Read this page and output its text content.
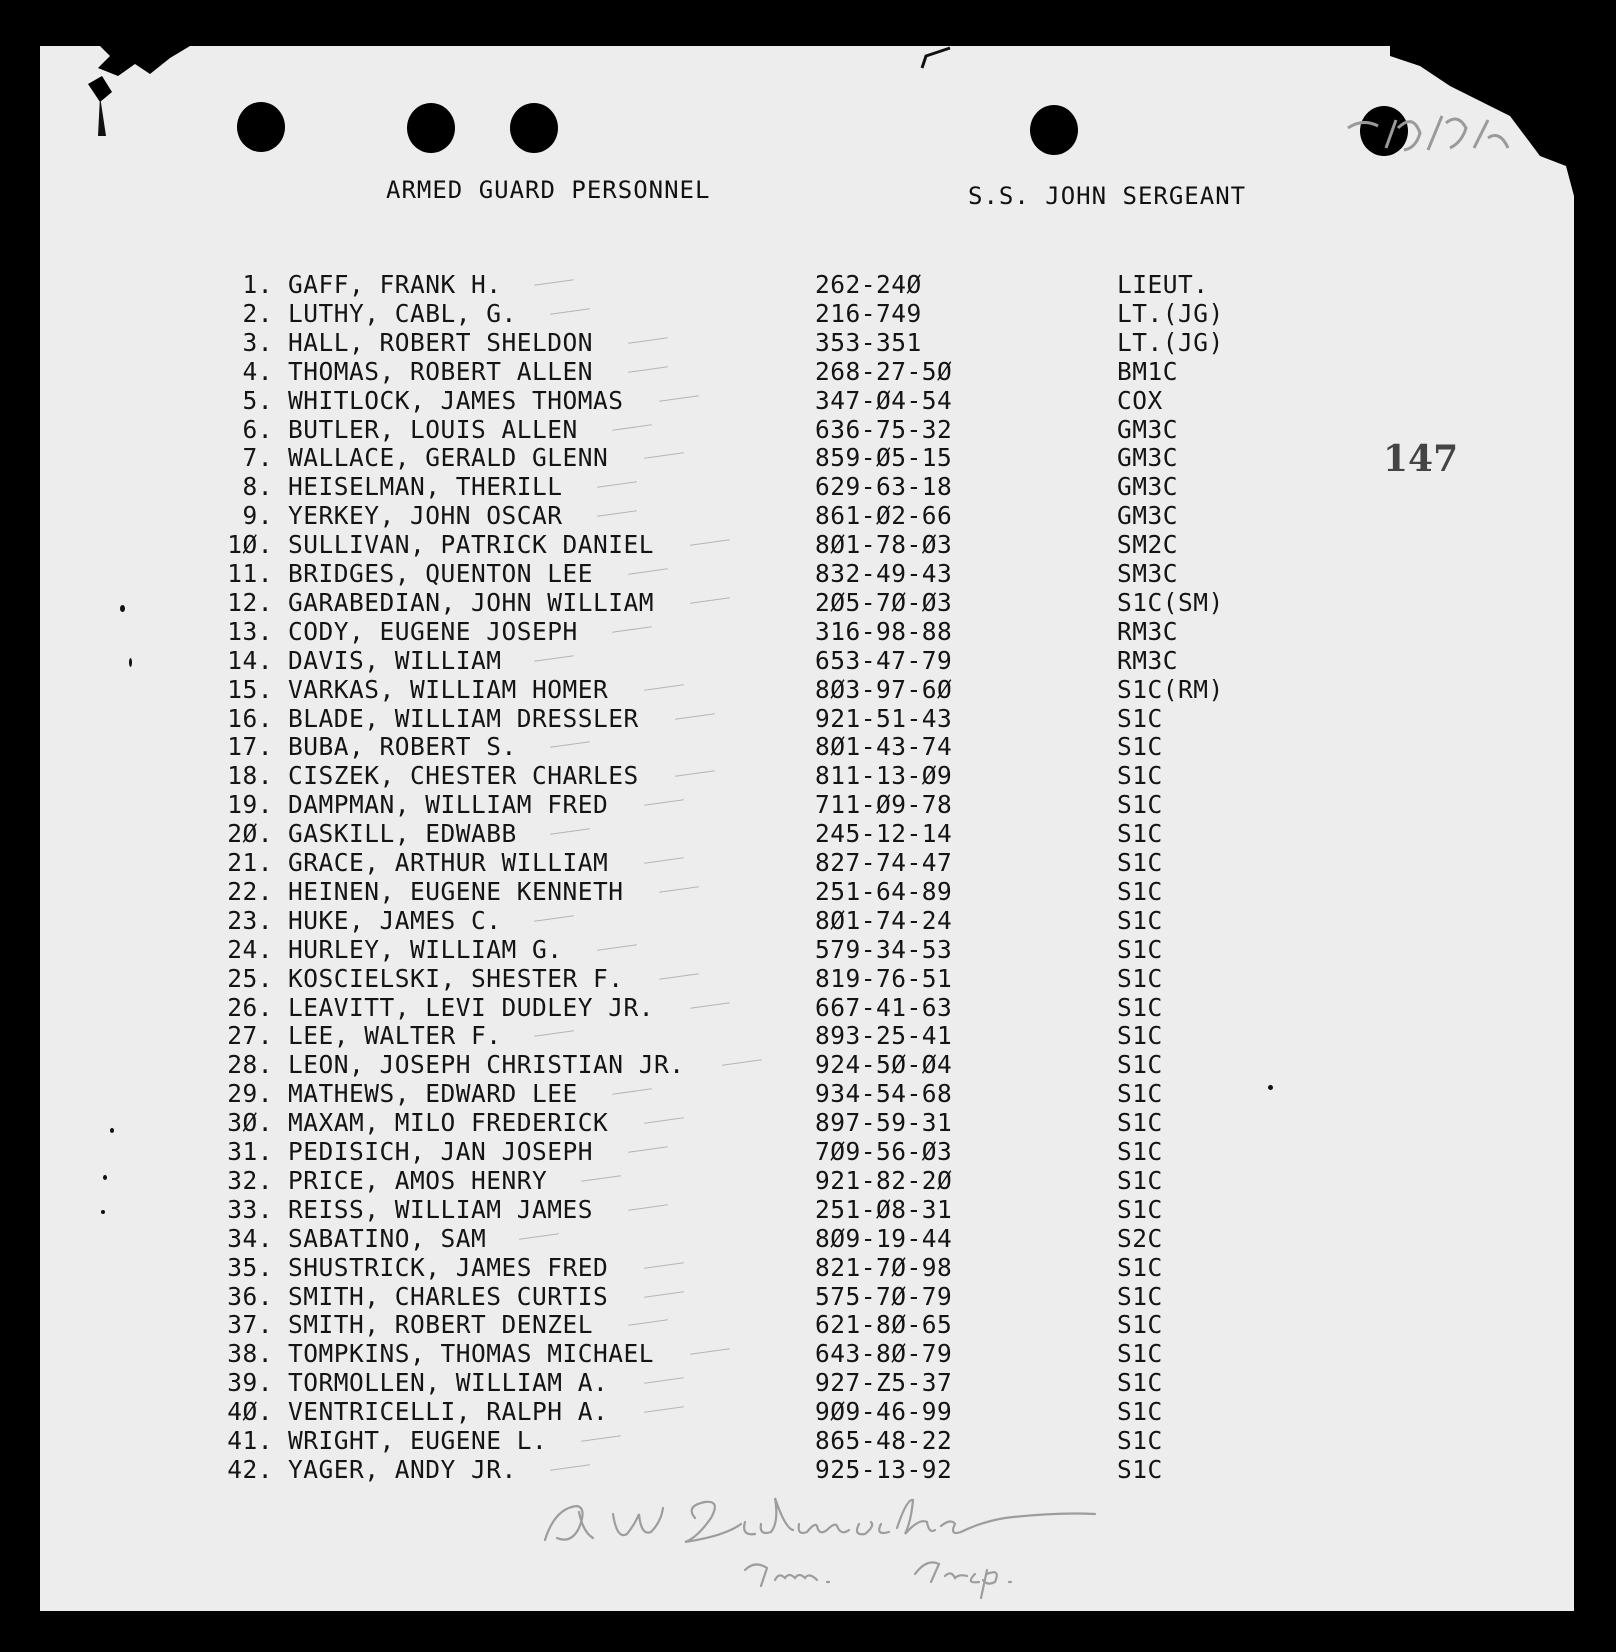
ARMED GUARD PERSONNEL	S.S. JOHN SERGEANT
147
1. GAFF, FRANK H.	262-24Ø	LIEUT.
2. LUTHY, CABL, G.	216-749	LT.(JG)
3. HALL, ROBERT SHELDON	353-351	LT.(JG)
4. THOMAS, ROBERT ALLEN	268-27-5Ø	BM1C
5. WHITLOCK, JAMES THOMAS	347-Ø4-54	COX
6. BUTLER, LOUIS ALLEN	636-75-32	GM3C
7. WALLACE, GERALD GLENN	859-Ø5-15	GM3C
8. HEISELMAN, THERILL	629-63-18	GM3C
9. YERKEY, JOHN OSCAR	861-Ø2-66	GM3C
1Ø. SULLIVAN, PATRICK DANIEL	8Ø1-78-Ø3	SM2C
11. BRIDGES, QUENTON LEE	832-49-43	SM3C
12. GARABEDIAN, JOHN WILLIAM	2Ø5-7Ø-Ø3	S1C(SM)
13. CODY, EUGENE JOSEPH	316-98-88	RM3C
14. DAVIS, WILLIAM	653-47-79	RM3C
15. VARKAS, WILLIAM HOMER	8Ø3-97-6Ø	S1C(RM)
16. BLADE, WILLIAM DRESSLER	921-51-43	S1C
17. BUBA, ROBERT S.	8Ø1-43-74	S1C
18. CISZEK, CHESTER CHARLES	811-13-Ø9	S1C
19. DAMPMAN, WILLIAM FRED	711-Ø9-78	S1C
2Ø. GASKILL, EDWABB	245-12-14	S1C
21. GRACE, ARTHUR WILLIAM	827-74-47	S1C
22. HEINEN, EUGENE KENNETH	251-64-89	S1C
23. HUKE, JAMES C.	8Ø1-74-24	S1C
24. HURLEY, WILLIAM G.	579-34-53	S1C
25. KOSCIELSKI, SHESTER F.	819-76-51	S1C
26. LEAVITT, LEVI DUDLEY JR.	667-41-63	S1C
27. LEE, WALTER F.	893-25-41	S1C
28. LEON, JOSEPH CHRISTIAN JR.	924-5Ø-Ø4	S1C
29. MATHEWS, EDWARD LEE	934-54-68	S1C
3Ø. MAXAM, MILO FREDERICK	897-59-31	S1C
31. PEDISICH, JAN JOSEPH	7Ø9-56-Ø3	S1C
32. PRICE, AMOS HENRY	921-82-2Ø	S1C
33. REISS, WILLIAM JAMES	251-Ø8-31	S1C
34. SABATINO, SAM	8Ø9-19-44	S2C
35. SHUSTRICK, JAMES FRED	821-7Ø-98	S1C
36. SMITH, CHARLES CURTIS	575-7Ø-79	S1C
37. SMITH, ROBERT DENZEL	621-8Ø-65	S1C
38. TOMPKINS, THOMAS MICHAEL	643-8Ø-79	S1C
39. TORMOLLEN, WILLIAM A.	927-Z5-37	S1C
4Ø. VENTRICELLI, RALPH A.	9Ø9-46-99	S1C
41. WRIGHT, EUGENE L.	865-48-22	S1C
42. YAGER, ANDY JR.	925-13-92	S1C
